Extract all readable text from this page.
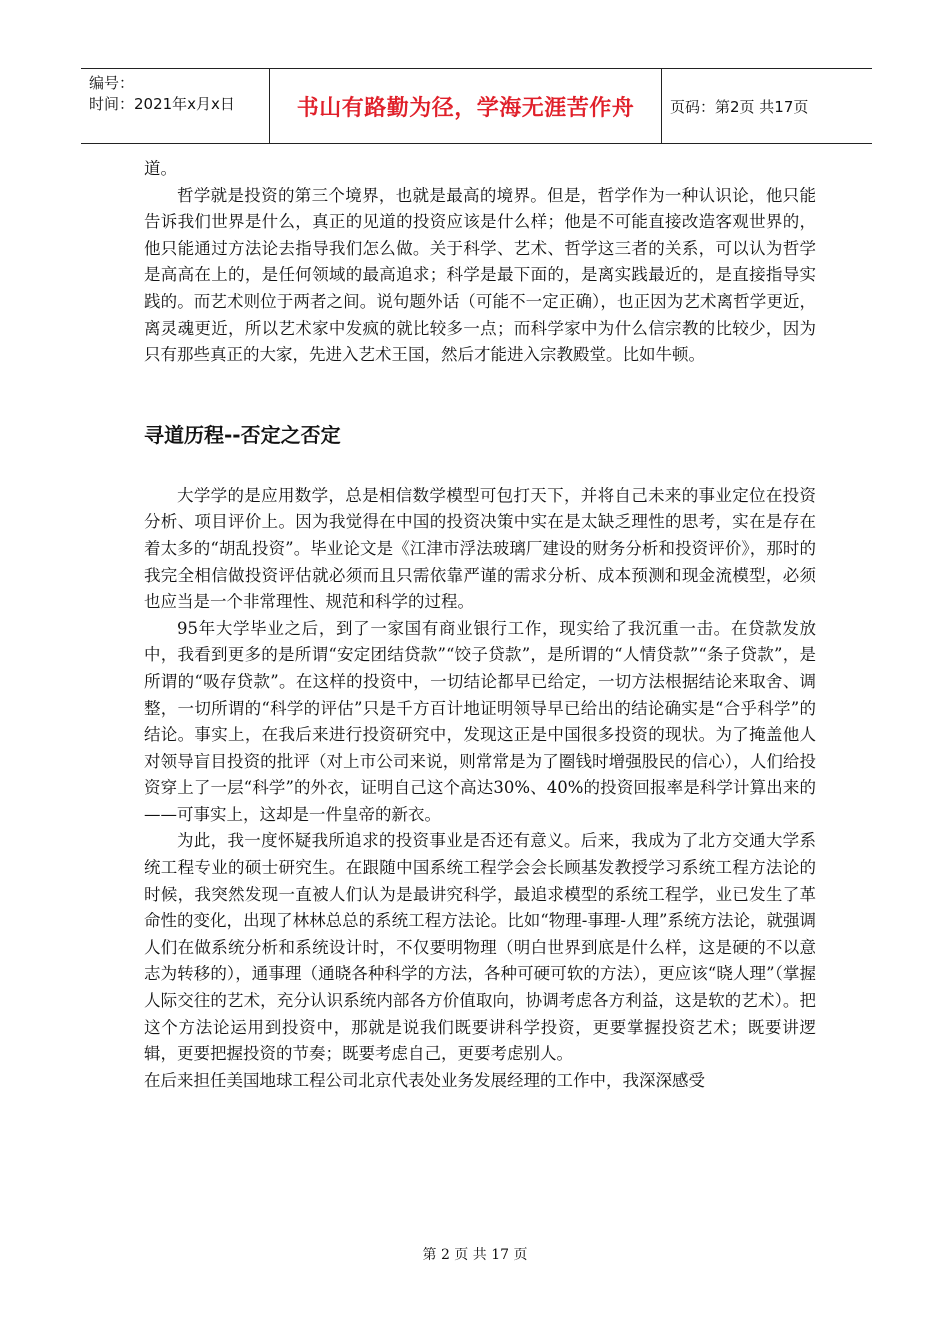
编号：
时间：2021年x月x日	书山有路勤为径，学海无涯苦作舟	页码：第2页 共17页

道。

哲学就是投资的第三个境界，也就是最高的境界。但是，哲学作为一种认识论，他只能告诉我们世界是什么，真正的见道的投资应该是什么样；他是不可能直接改造客观世界的，他只能通过方法论去指导我们怎么做。关于科学、艺术、哲学这三者的关系，可以认为哲学是高高在上的，是任何领域的最高追求；科学是最下面的，是离实践最近的，是直接指导实践的。而艺术则位于两者之间。说句题外话（可能不一定正确），也正因为艺术离哲学更近，离灵魂更近，所以艺术家中发疯的就比较多一点；而科学家中为什么信宗教的比较少，因为只有那些真正的大家，先进入艺术王国，然后才能进入宗教殿堂。比如牛顿。

寻道历程--否定之否定

大学学的是应用数学，总是相信数学模型可包打天下，并将自己未来的事业定位在投资分析、项目评价上。因为我觉得在中国的投资决策中实在是太缺乏理性的思考，实在是存在着太多的“胡乱投资”。毕业论文是《江津市浮法玻璃厂建设的财务分析和投资评价》，那时的我完全相信做投资评估就必须而且只需依靠严谨的需求分析、成本预测和现金流模型，必须也应当是一个非常理性、规范和科学的过程。

95年大学毕业之后，到了一家国有商业银行工作，现实给了我沉重一击。在贷款发放中，我看到更多的是所谓“安定团结贷款”“饺子贷款”，是所谓的“人情贷款”“条子贷款”，是所谓的“吸存贷款”。在这样的投资中，一切结论都早已给定，一切方法根据结论来取舍、调整，一切所谓的“科学的评估”只是千方百计地证明领导早已给出的结论确实是“合乎科学”的结论。事实上，在我后来进行投资研究中，发现这正是中国很多投资的现状。为了掩盖他人对领导盲目投资的批评（对上市公司来说，则常常是为了圈钱时增强股民的信心），人们给投资穿上了一层“科学”的外衣，证明自己这个高达30%、40%的投资回报率是科学计算出来的——可事实上，这却是一件皇帝的新衣。

为此，我一度怀疑我所追求的投资事业是否还有意义。后来，我成为了北方交通大学系统工程专业的硕士研究生。在跟随中国系统工程学会会长顾基发教授学习系统工程方法论的时候，我突然发现一直被人们认为是最讲究科学，最追求模型的系统工程学，业已发生了革命性的变化，出现了林林总总的系统工程方法论。比如“物理-事理-人理”系统方法论，就强调人们在做系统分析和系统设计时，不仅要明物理（明白世界到底是什么样，这是硬的不以意志为转移的），通事理（通晓各种科学的方法，各种可硬可软的方法），更应该“晓人理”（掌握人际交往的艺术，充分认识系统内部各方价值取向，协调考虑各方利益，这是软的艺术）。把这个方法论运用到投资中，那就是说我们既要讲科学投资，更要掌握投资艺术；既要讲逻辑，更要把握投资的节奏；既要考虑自己，更要考虑别人。

在后来担任美国地球工程公司北京代表处业务发展经理的工作中，我深深感受

第 2 页 共 17 页
